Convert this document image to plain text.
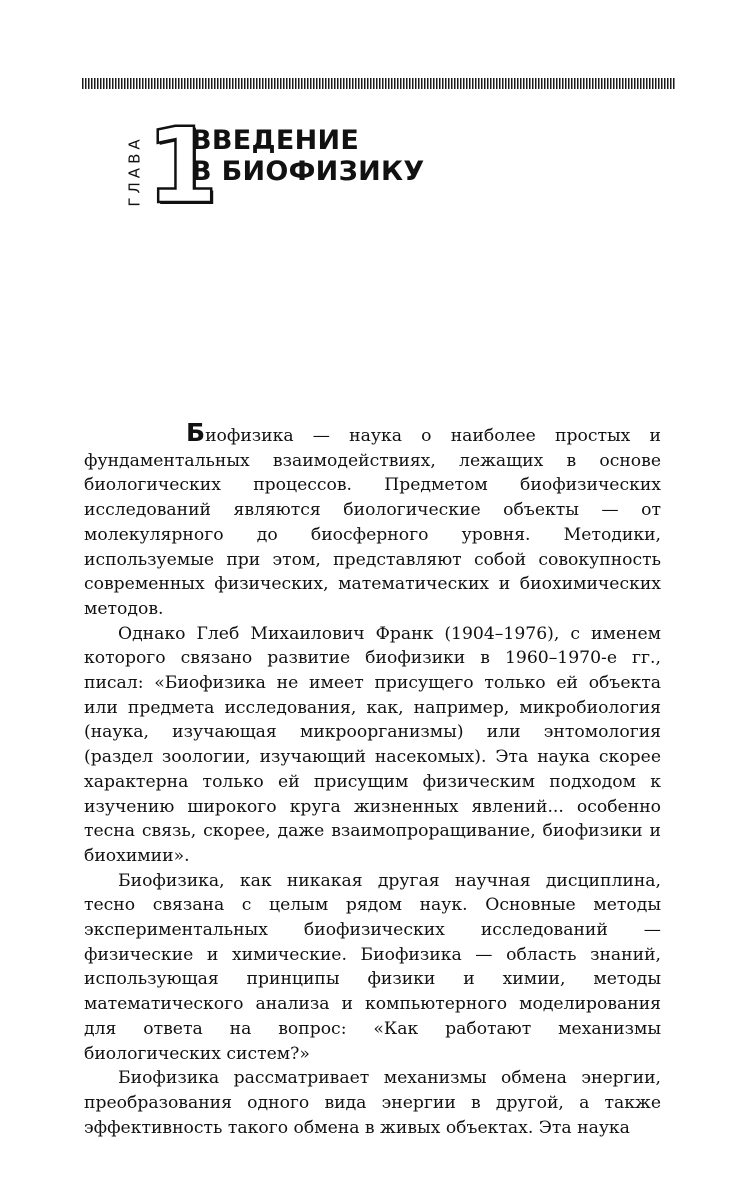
ГЛАВА 1
ВВЕДЕНИЕ
В БИОФИЗИКУ

Биофизика — наука о наиболее простых и фундаментальных взаимодействиях, лежащих в основе биологических процессов. Предметом биофизических исследований являются биологические объекты — от молекулярного до биосферного уровня. Методики, используемые при этом, представляют собой совокупность современных физических, математических и биохимических методов.

Однако Глеб Михаилович Франк (1904–1976), с именем которого связано развитие биофизики в 1960–1970-е гг., писал: «Биофизика не имеет присущего только ей объекта или предмета исследования, как, например, микробиология (наука, изучающая микроорганизмы) или энтомология (раздел зоологии, изучающий насекомых). Эта наука скорее характерна только ей присущим физическим подходом к изучению широкого круга жизненных явлений... особенно тесна связь, скорее, даже взаимопроращивание, биофизики и биохимии».

Биофизика, как никакая другая научная дисциплина, тесно связана с целым рядом наук. Основные методы экспериментальных биофизических исследований — физические и химические. Биофизика — область знаний, использующая принципы физики и химии, методы математического анализа и компьютерного моделирования для ответа на вопрос: «Как работают механизмы биологических систем?»

Биофизика рассматривает механизмы обмена энергии, преобразования одного вида энергии в другой, а также эффективность такого обмена в живых объектах. Эта наука
